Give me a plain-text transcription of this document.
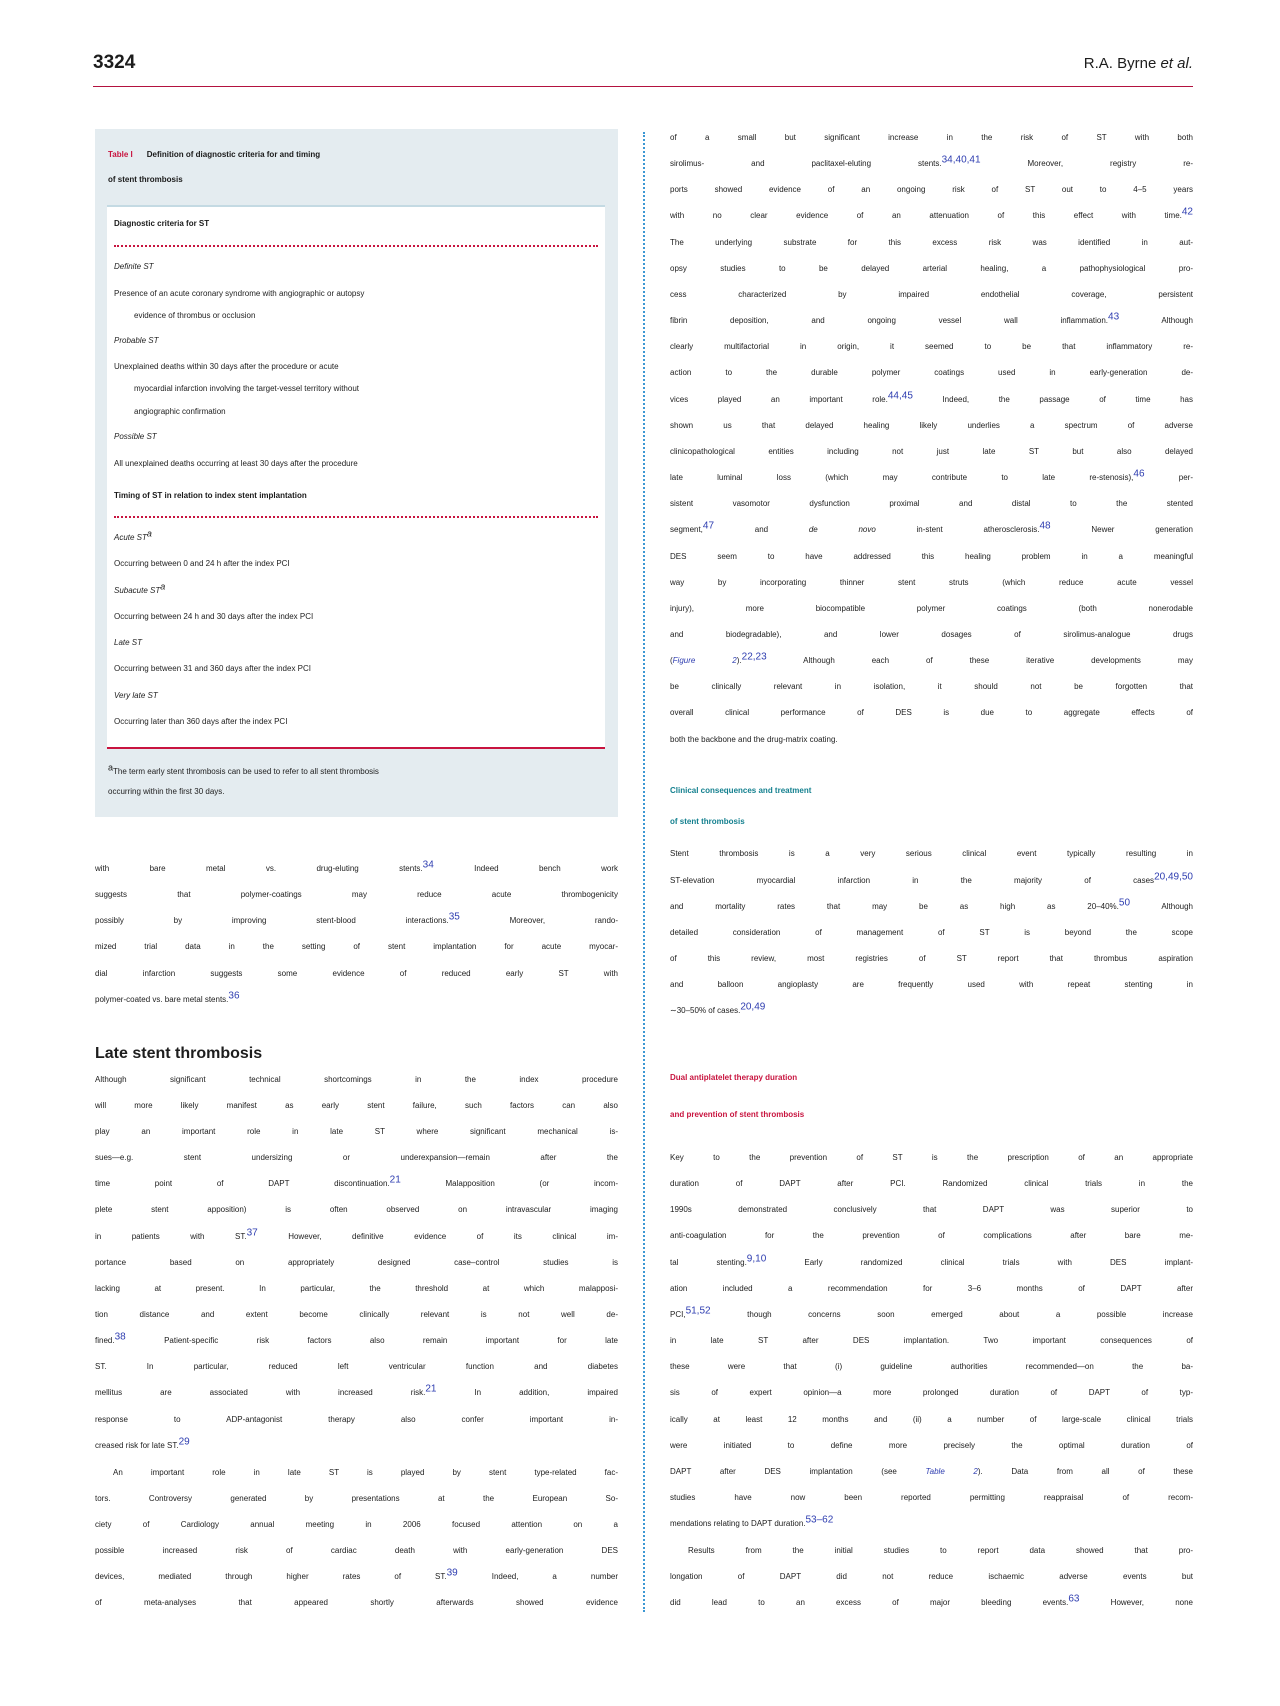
3324	R.A. Byrne et al.
Table I Definition of diagnostic criteria for and timing
of stent thrombosis
Diagnostic criteria for ST
Definite ST
Presence of an acute coronary syndrome with angiographic or autopsy
evidence of thrombus or occlusion
Probable ST
Unexplained deaths within 30 days after the procedure or acute
myocardial infarction involving the target-vessel territory without
angiographic confirmation
Possible ST
All unexplained deaths occurring at least 30 days after the procedure
Timing of ST in relation to index stent implantation
Acute STa
Occurring between 0 and 24 h after the index PCI
Subacute STa
Occurring between 24 h and 30 days after the index PCI
Late ST
Occurring between 31 and 360 days after the index PCI
Very late ST
Occurring later than 360 days after the index PCI
aThe term early stent thrombosis can be used to refer to all stent thrombosis
occurring within the first 30 days.
with bare metal vs. drug-eluting stents.34 Indeed bench work
suggests that polymer-coatings may reduce acute thrombogenicity
possibly by improving stent-blood interactions.35 Moreover, rando-
mized trial data in the setting of stent implantation for acute myocar-
dial infarction suggests some evidence of reduced early ST with
polymer-coated vs. bare metal stents.36
Late stent thrombosis
Although significant technical shortcomings in the index procedure
will more likely manifest as early stent failure, such factors can also
play an important role in late ST where significant mechanical is-
sues—e.g. stent undersizing or underexpansion—remain after the
time point of DAPT discontinuation.21 Malapposition (or incom-
plete stent apposition) is often observed on intravascular imaging
in patients with ST.37 However, definitive evidence of its clinical im-
portance based on appropriately designed case–control studies is
lacking at present. In particular, the threshold at which malapposi-
tion distance and extent become clinically relevant is not well de-
fined.38 Patient-specific risk factors also remain important for late
ST. In particular, reduced left ventricular function and diabetes
mellitus are associated with increased risk.21 In addition, impaired
response to ADP-antagonist therapy also confer important in-
creased risk for late ST.29
An important role in late ST is played by stent type-related fac-
tors. Controversy generated by presentations at the European So-
ciety of Cardiology annual meeting in 2006 focused attention on a
possible increased risk of cardiac death with early-generation DES
devices, mediated through higher rates of ST.39 Indeed, a number
of meta-analyses that appeared shortly afterwards showed evidence
of a small but significant increase in the risk of ST with both
sirolimus- and paclitaxel-eluting stents.34,40,41 Moreover, registry re-
ports showed evidence of an ongoing risk of ST out to 4–5 years
with no clear evidence of an attenuation of this effect with time.42
The underlying substrate for this excess risk was identified in aut-
opsy studies to be delayed arterial healing, a pathophysiological pro-
cess characterized by impaired endothelial coverage, persistent
fibrin deposition, and ongoing vessel wall inflammation.43 Although
clearly multifactorial in origin, it seemed to be that inflammatory re-
action to the durable polymer coatings used in early-generation de-
vices played an important role.44,45 Indeed, the passage of time has
shown us that delayed healing likely underlies a spectrum of adverse
clinicopathological entities including not just late ST but also delayed
late luminal loss (which may contribute to late re-stenosis),46 per-
sistent vasomotor dysfunction proximal and distal to the stented
segment,47 and de novo in-stent atherosclerosis.48 Newer generation
DES seem to have addressed this healing problem in a meaningful
way by incorporating thinner stent struts (which reduce acute vessel
injury), more biocompatible polymer coatings (both nonerodable
and biodegradable), and lower dosages of sirolimus-analogue drugs
(Figure 2).22,23 Although each of these iterative developments may
be clinically relevant in isolation, it should not be forgotten that
overall clinical performance of DES is due to aggregate effects of
both the backbone and the drug-matrix coating.
Clinical consequences and treatment
of stent thrombosis
Stent thrombosis is a very serious clinical event typically resulting in
ST-elevation myocardial infarction in the majority of cases20,49,50
and mortality rates that may be as high as 20–40%.50 Although
detailed consideration of management of ST is beyond the scope
of this review, most registries of ST report that thrombus aspiration
and balloon angioplasty are frequently used with repeat stenting in
∼30–50% of cases.20,49
Dual antiplatelet therapy duration
and prevention of stent thrombosis
Key to the prevention of ST is the prescription of an appropriate
duration of DAPT after PCI. Randomized clinical trials in the
1990s demonstrated conclusively that DAPT was superior to
anti-coagulation for the prevention of complications after bare me-
tal stenting.9,10 Early randomized clinical trials with DES implant-
ation included a recommendation for 3–6 months of DAPT after
PCI,51,52 though concerns soon emerged about a possible increase
in late ST after DES implantation. Two important consequences of
these were that (i) guideline authorities recommended—on the ba-
sis of expert opinion—a more prolonged duration of DAPT of typ-
ically at least 12 months and (ii) a number of large-scale clinical trials
were initiated to define more precisely the optimal duration of
DAPT after DES implantation (see Table 2). Data from all of these
studies have now been reported permitting reappraisal of recom-
mendations relating to DAPT duration.53–62
Results from the initial studies to report data showed that pro-
longation of DAPT did not reduce ischaemic adverse events but
did lead to an excess of major bleeding events.63 However, none
